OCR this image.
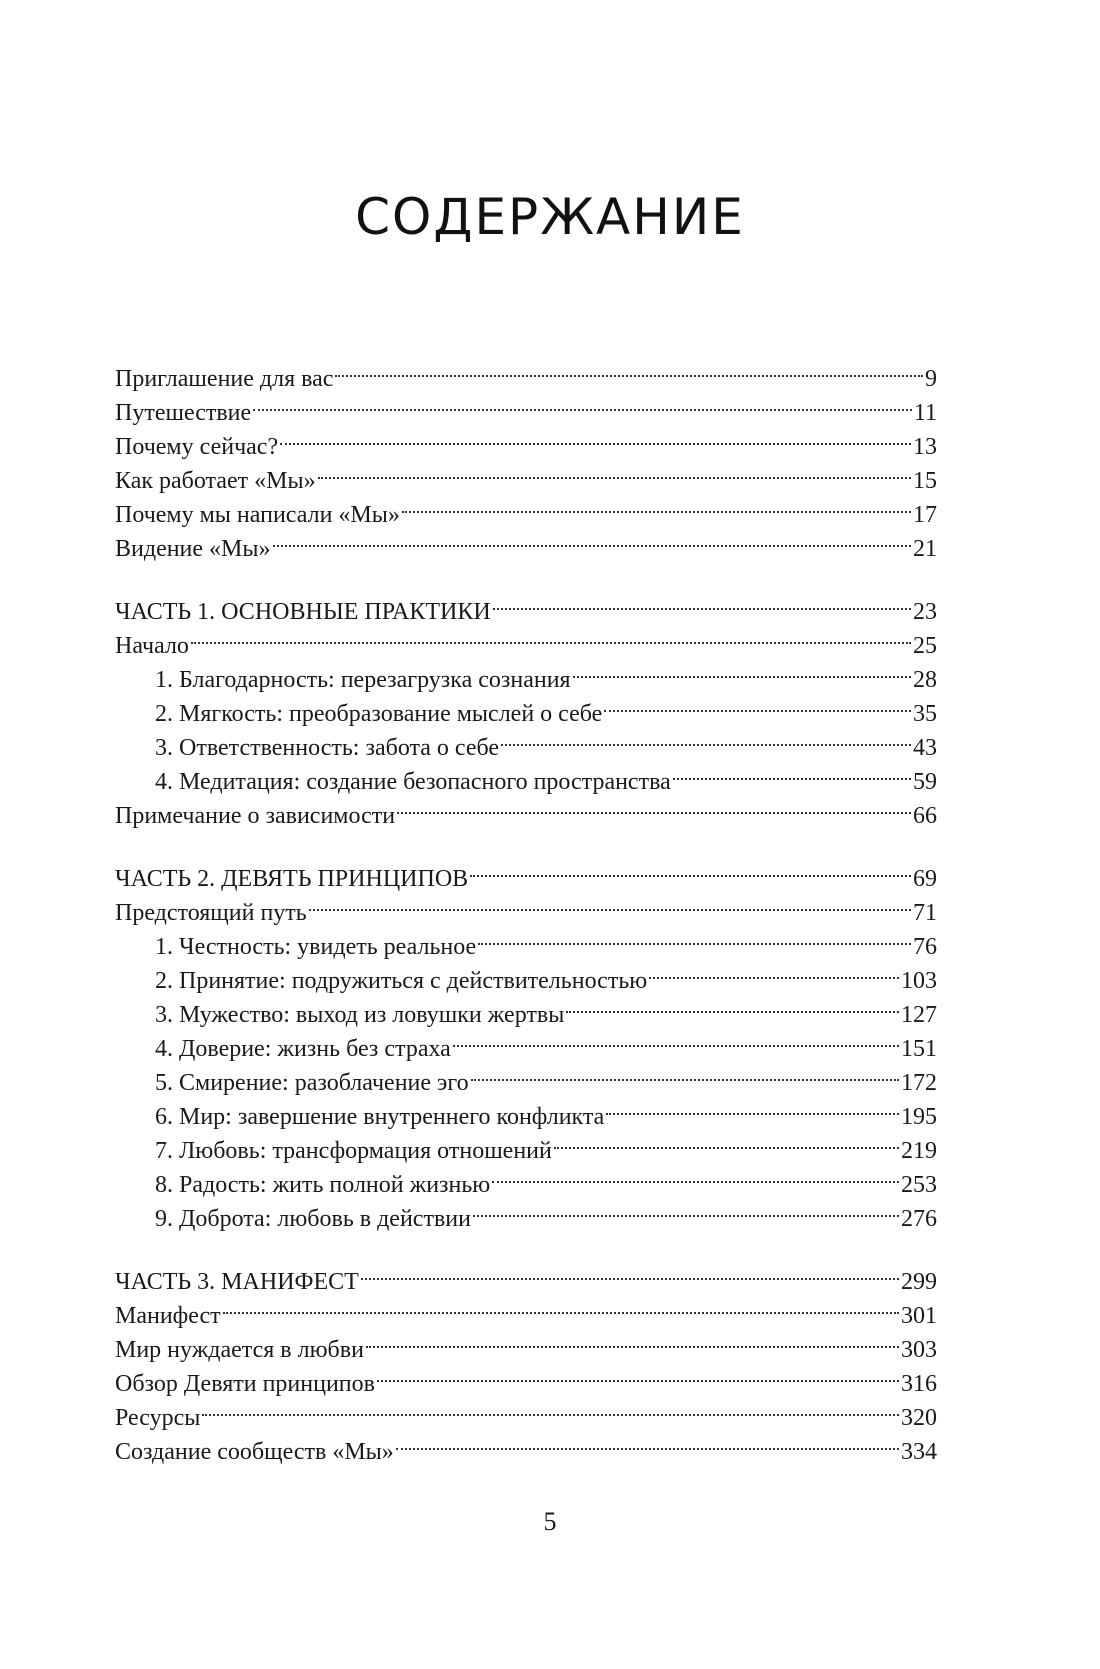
СОДЕРЖАНИЕ
Приглашение для вас	9
Путешествие	11
Почему сейчас?	13
Как работает «Мы»	15
Почему мы написали «Мы»	17
Видение «Мы»	21
ЧАСТЬ 1. ОСНОВНЫЕ ПРАКТИКИ	23
Начало	25
1. Благодарность: перезагрузка сознания	28
2. Мягкость: преобразование мыслей о себе	35
3. Ответственность: забота о себе	43
4. Медитация: создание безопасного пространства	59
Примечание о зависимости	66
ЧАСТЬ 2. ДЕВЯТЬ ПРИНЦИПОВ	69
Предстоящий путь	71
1. Честность: увидеть реальное	76
2. Принятие: подружиться с действительностью	103
3. Мужество: выход из ловушки жертвы	127
4. Доверие: жизнь без страха	151
5. Смирение: разоблачение эго	172
6. Мир: завершение внутреннего конфликта	195
7. Любовь: трансформация отношений	219
8. Радость: жить полной жизнью	253
9. Доброта: любовь в действии	276
ЧАСТЬ 3. МАНИФЕСТ	299
Манифест	301
Мир нуждается в любви	303
Обзор Девяти принципов	316
Ресурсы	320
Создание сообществ «Мы»	334
5
